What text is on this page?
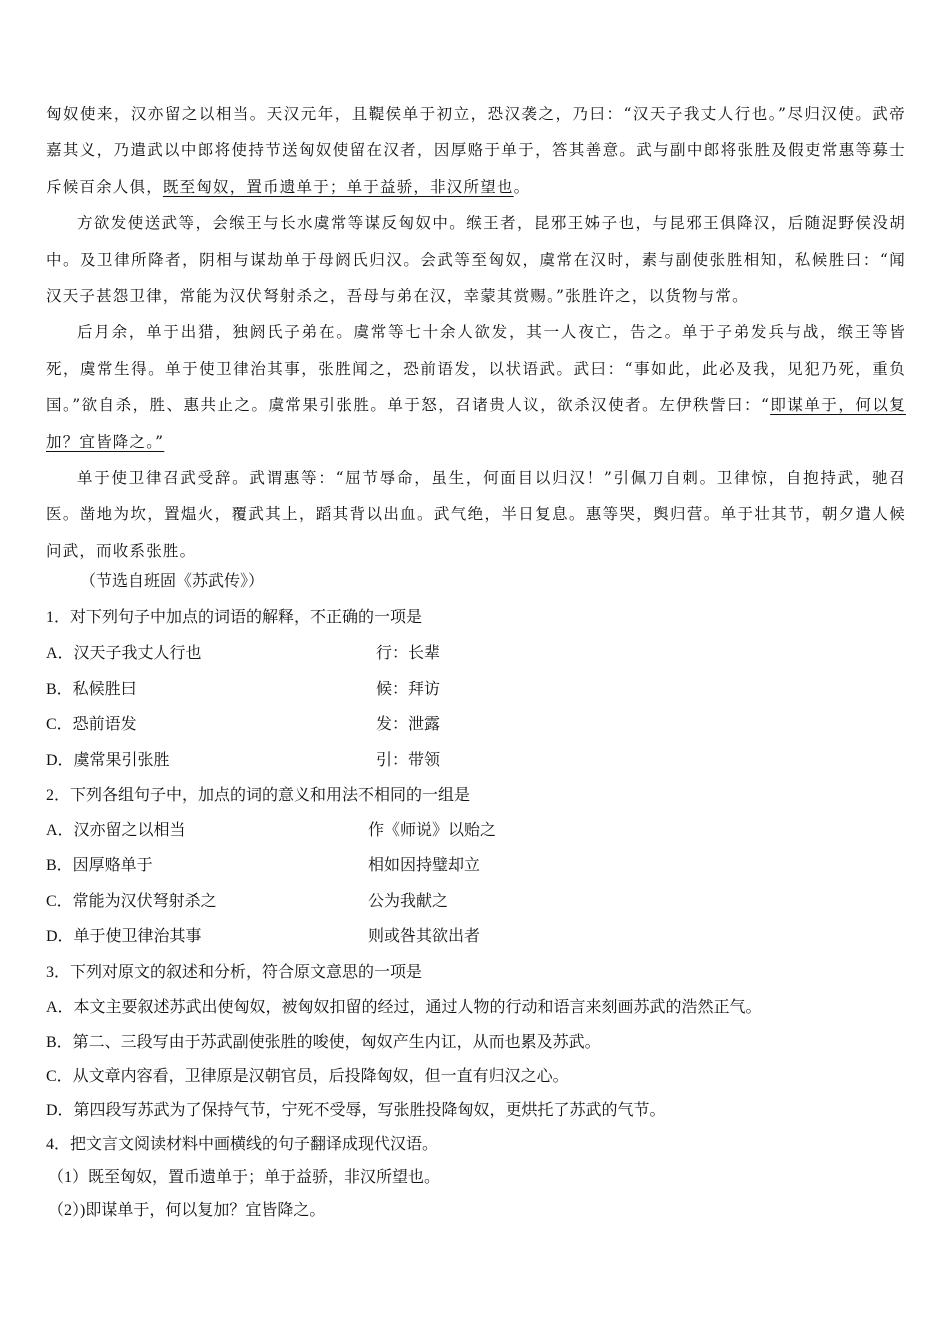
匈奴使来，汉亦留之以相当。天汉元年，且鞮侯单于初立，恐汉袭之，乃曰：“汉天子我丈人行也。”尽归汉使。武帝嘉其义，乃遣武以中郎将使持节送匈奴使留在汉者，因厚赂于单于，答其善意。武与副中郎将张胜及假吏常惠等募士斥候百余人俱，既至匈奴，置币遗单于；单于益骄，非汉所望也。

方欲发使送武等，会缑王与长水虞常等谋反匈奴中。缑王者，昆邪王姊子也，与昆邪王俱降汉，后随浞野侯没胡中。及卫律所降者，阴相与谋劫单于母阏氏归汉。会武等至匈奴，虞常在汉时，素与副使张胜相知，私候胜曰：“闻汉天子甚怨卫律，常能为汉伏弩射杀之，吾母与弟在汉，幸蒙其赏赐。”张胜许之，以货物与常。

后月余，单于出猎，独阏氏子弟在。虞常等七十余人欲发，其一人夜亡，告之。单于子弟发兵与战，缑王等皆死，虞常生得。单于使卫律治其事，张胜闻之，恐前语发，以状语武。武曰：“事如此，此必及我，见犯乃死，重负国。”欲自杀，胜、惠共止之。虞常果引张胜。单于怒，召诸贵人议，欲杀汉使者。左伊秩訾曰：“即谋单于，何以复加？宜皆降之。”

单于使卫律召武受辞。武谓惠等：“屈节辱命，虽生，何面目以归汉！”引佩刀自刺。卫律惊，自抱持武，驰召医。凿地为坎，置煴火，覆武其上，蹈其背以出血。武气绝，半日复息。惠等哭，舆归营。单于壮其节，朝夕遣人候问武，而收系张胜。

（节选自班固《苏武传》）
1．对下列句子中加点的词语的解释，不正确的一项是
A．汉天子我丈人行也	行：长辈
B．私候胜曰	候：拜访
C．恐前语发	发：泄露
D．虞常果引张胜	引：带领
2．下列各组句子中，加点的词的意义和用法不相同的一组是
A．汉亦留之以相当	作《师说》以贻之
B．因厚赂单于	相如因持璧却立
C．常能为汉伏弩射杀之	公为我献之
D．单于使卫律治其事	则或咎其欲出者
3．下列对原文的叙述和分析，符合原文意思的一项是
A．本文主要叙述苏武出使匈奴，被匈奴扣留的经过，通过人物的行动和语言来刻画苏武的浩然正气。
B．第二、三段写由于苏武副使张胜的唆使，匈奴产生内讧，从而也累及苏武。
C．从文章内容看，卫律原是汉朝官员，后投降匈奴，但一直有归汉之心。
D．第四段写苏武为了保持气节，宁死不受辱，写张胜投降匈奴，更烘托了苏武的气节。
4．把文言文阅读材料中画横线的句子翻译成现代汉语。
（1）既至匈奴，置币遗单于；单于益骄，非汉所望也。
（2）)即谋单于，何以复加？宜皆降之。
